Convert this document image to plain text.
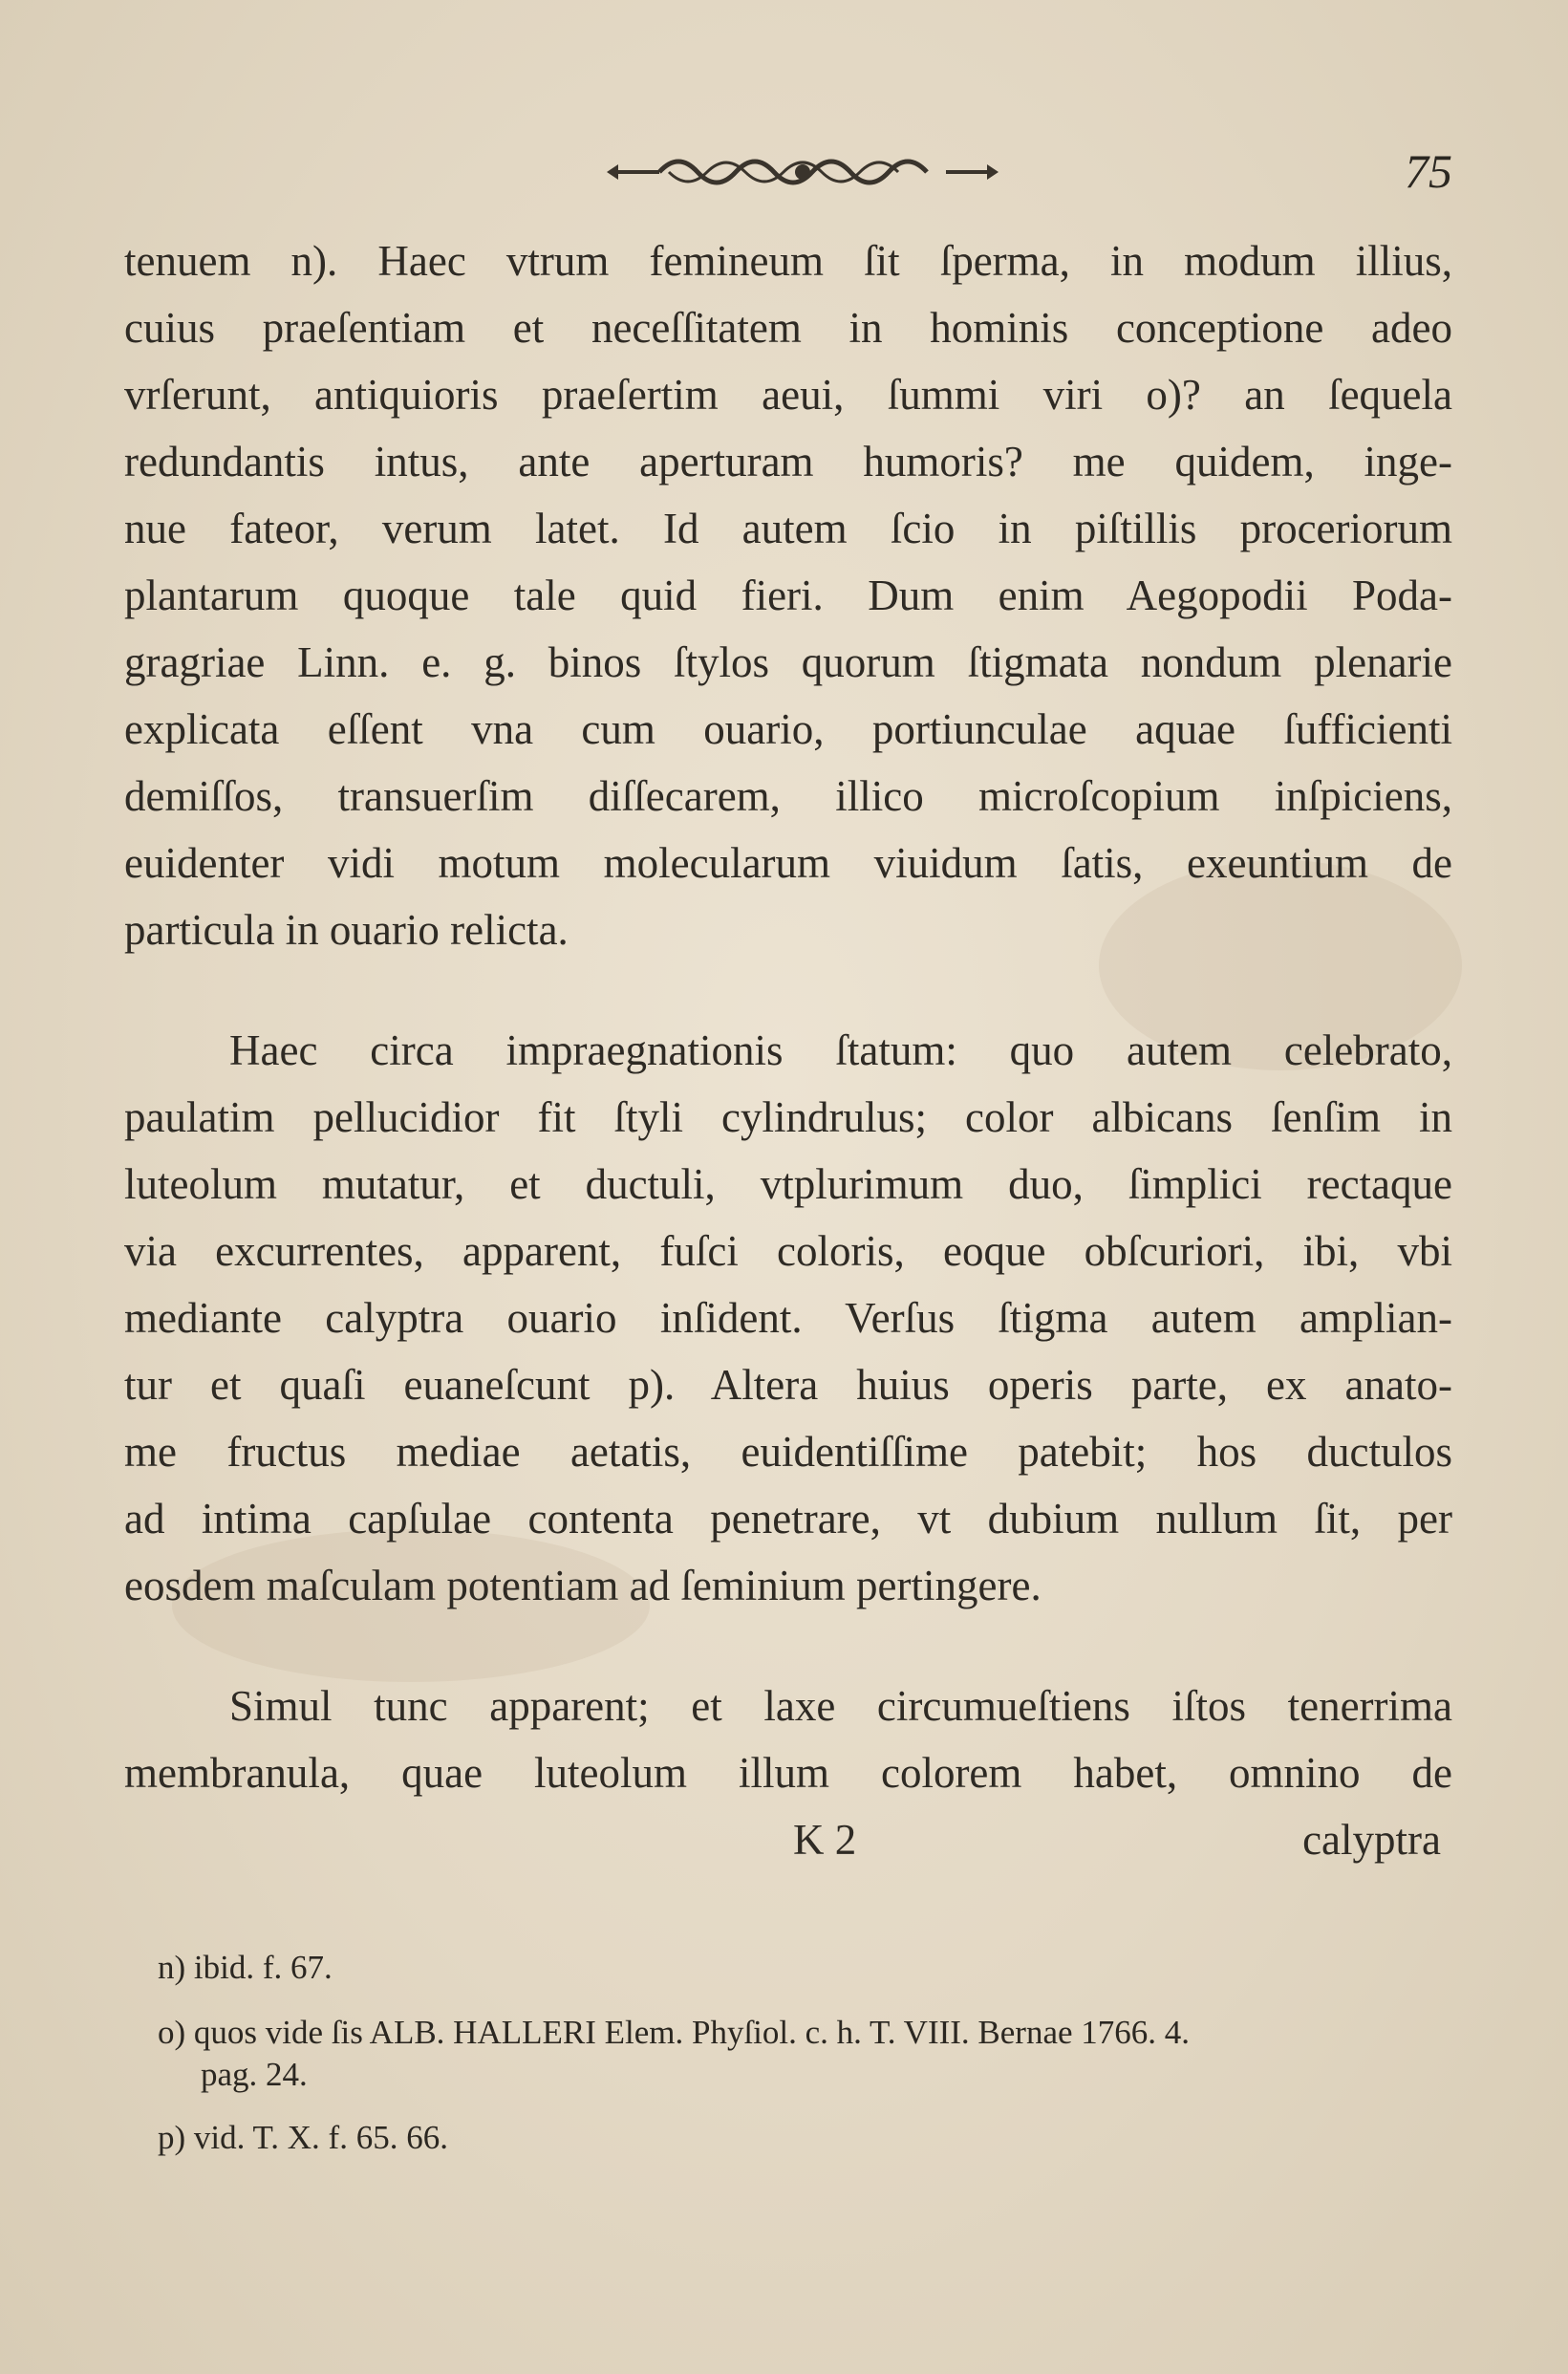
75
tenuem n). Haec vtrum femineum ſit ſperma, in modum illius,
cuius praeſentiam et neceſſitatem in hominis conceptione adeo
vrſerunt, antiquioris praeſertim aeui, ſummi viri o)? an ſequela
redundantis intus, ante aperturam humoris? me quidem, inge-
nue fateor, verum latet. Id autem ſcio in piſtillis proceriorum
plantarum quoque tale quid fieri. Dum enim Aegopodii Poda-
gragriae Linn. e. g. binos ſtylos quorum ſtigmata nondum plenarie
explicata eſſent vna cum ouario, portiunculae aquae ſufficienti
demiſſos, transuerſim diſſecarem, illico microſcopium inſpiciens,
euidenter vidi motum molecularum viuidum ſatis, exeuntium de
particula in ouario relicta.
Haec circa impraegnationis ſtatum: quo autem celebrato,
paulatim pellucidior fit ſtyli cylindrulus; color albicans ſenſim in
luteolum mutatur, et ductuli, vtplurimum duo, ſimplici rectaque
via excurrentes, apparent, fuſci coloris, eoque obſcuriori, ibi, vbi
mediante calyptra ouario inſident. Verſus ſtigma autem amplian-
tur et quaſi euaneſcunt p). Altera huius operis parte, ex anato-
me fructus mediae aetatis, euidentiſſime patebit; hos ductulos
ad intima capſulae contenta penetrare, vt dubium nullum ſit, per
eosdem maſculam potentiam ad ſeminium pertingere.
Simul tunc apparent; et laxe circumueſtiens iſtos tenerrima
membranula, quae luteolum illum colorem habet, omnino de
K 2	calyptra
n) ibid. f. 67.
o) quos vide ſis ALB. HALLERI Elem. Phyſiol. c. h. T. VIII. Bernae 1766. 4.
pag. 24.
p) vid. T. X. f. 65. 66.
